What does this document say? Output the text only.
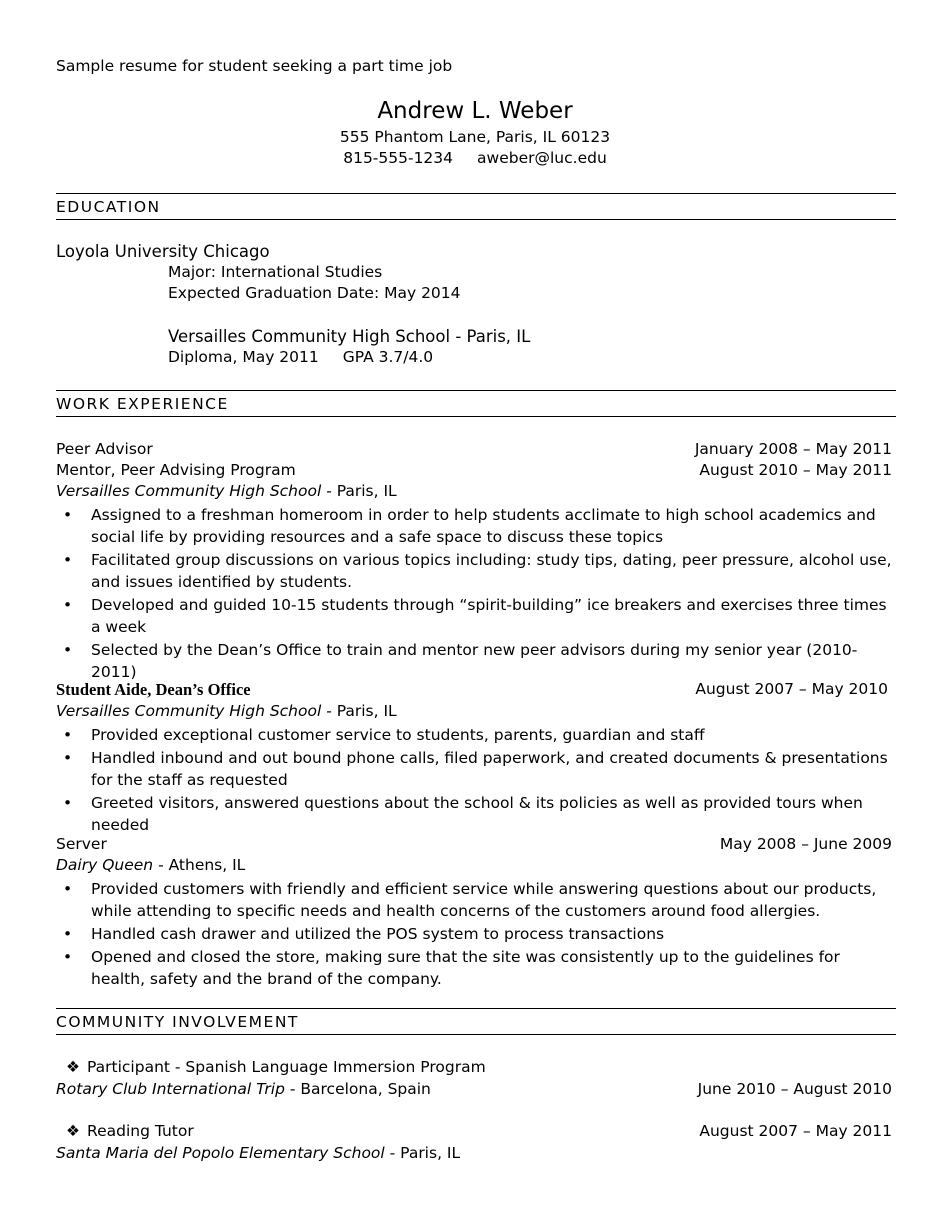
Sample resume for student seeking a part time job
Andrew L. Weber
555 Phantom Lane, Paris, IL 60123
815-555-1234 aweber@luc.edu
EDUCATION
Loyola University Chicago
Major: International Studies
Expected Graduation Date: May 2014
Versailles Community High School - Paris, IL
Diploma, May 2011 GPA 3.7/4.0
WORK EXPERIENCE
Peer Advisor	January 2008 – May 2011
Mentor, Peer Advising Program	August 2010 – May 2011
Versailles Community High School - Paris, IL
• Assigned to a freshman homeroom in order to help students acclimate to high school academics and social life by providing resources and a safe space to discuss these topics
• Facilitated group discussions on various topics including: study tips, dating, peer pressure, alcohol use, and issues identified by students.
• Developed and guided 10-15 students through “spirit-building” ice breakers and exercises three times a week
• Selected by the Dean’s Office to train and mentor new peer advisors during my senior year (2010-2011)
Student Aide, Dean’s Office	August 2007 – May 2010
Versailles Community High School - Paris, IL
• Provided exceptional customer service to students, parents, guardian and staff
• Handled inbound and out bound phone calls, filed paperwork, and created documents & presentations for the staff as requested
• Greeted visitors, answered questions about the school & its policies as well as provided tours when needed
Server	May 2008 – June 2009
Dairy Queen - Athens, IL
• Provided customers with friendly and efficient service while answering questions about our products, while attending to specific needs and health concerns of the customers around food allergies.
• Handled cash drawer and utilized the POS system to process transactions
• Opened and closed the store, making sure that the site was consistently up to the guidelines for health, safety and the brand of the company.
COMMUNITY INVOLVEMENT
❖ Participant - Spanish Language Immersion Program
Rotary Club International Trip - Barcelona, Spain	June 2010 – August 2010
❖ Reading Tutor	August 2007 – May 2011
Santa Maria del Popolo Elementary School - Paris, IL
